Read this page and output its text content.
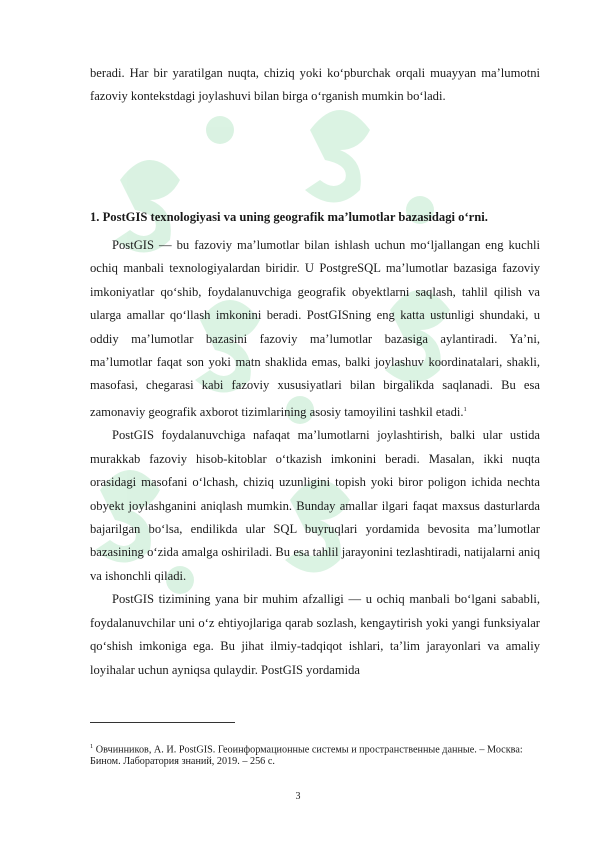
beradi. Har bir yaratilgan nuqta, chiziq yoki ko‘pburchak orqali muayyan ma’lumotni fazoviy kontekstdagi joylashuvi bilan birga o‘rganish mumkin bo‘ladi.

1. PostGIS texnologiyasi va uning geografik ma’lumotlar bazasidagi o‘rni.

PostGIS — bu fazoviy ma’lumotlar bilan ishlash uchun mo‘ljallangan eng kuchli ochiq manbali texnologiyalardan biridir. U PostgreSQL ma’lumotlar bazasiga fazoviy imkoniyatlar qo‘shib, foydalanuvchiga geografik obyektlarni saqlash, tahlil qilish va ularga amallar qo‘llash imkonini beradi. PostGISning eng katta ustunligi shundaki, u oddiy ma’lumotlar bazasini fazoviy ma’lumotlar bazasiga aylantiradi. Ya’ni, ma’lumotlar faqat son yoki matn shaklida emas, balki joylashuv koordinatalari, shakli, masofasi, chegarasi kabi fazoviy xususiyatlari bilan birgalikda saqlanadi. Bu esa zamonaviy geografik axborot tizimlarining asosiy tamoyilini tashkil etadi.$^1$

PostGIS foydalanuvchiga nafaqat ma’lumotlarni joylashtirish, balki ular ustida murakkab fazoviy hisob-kitoblar o‘tkazish imkonini beradi. Masalan, ikki nuqta orasidagi masofani o‘lchash, chiziq uzunligini topish yoki biror poligon ichida nechta obyekt joylashganini aniqlash mumkin. Bunday amallar ilgari faqat maxsus dasturlarda bajarilgan bo‘lsa, endilikda ular SQL buyruqlari yordamida bevosita ma’lumotlar bazasining o‘zida amalga oshiriladi. Bu esa tahlil jarayonini tezlashtiradi, natijalarni aniq va ishonchli qiladi.

PostGIS tizimining yana bir muhim afzalligi — u ochiq manbali bo‘lgani sababli, foydalanuvchilar uni o‘z ehtiyojlariga qarab sozlash, kengaytirish yoki yangi funksiyalar qo‘shish imkoniga ega. Bu jihat ilmiy-tadqiqot ishlari, ta’lim jarayonlari va amaliy loyihalar uchun ayniqsa qulaydir. PostGIS yordamida

$^1$ Овчинников, А. И. PostGIS. Геоинформационные системы и пространственные данные. – Москва: Бином. Лаборатория знаний, 2019. – 256 с.

3
